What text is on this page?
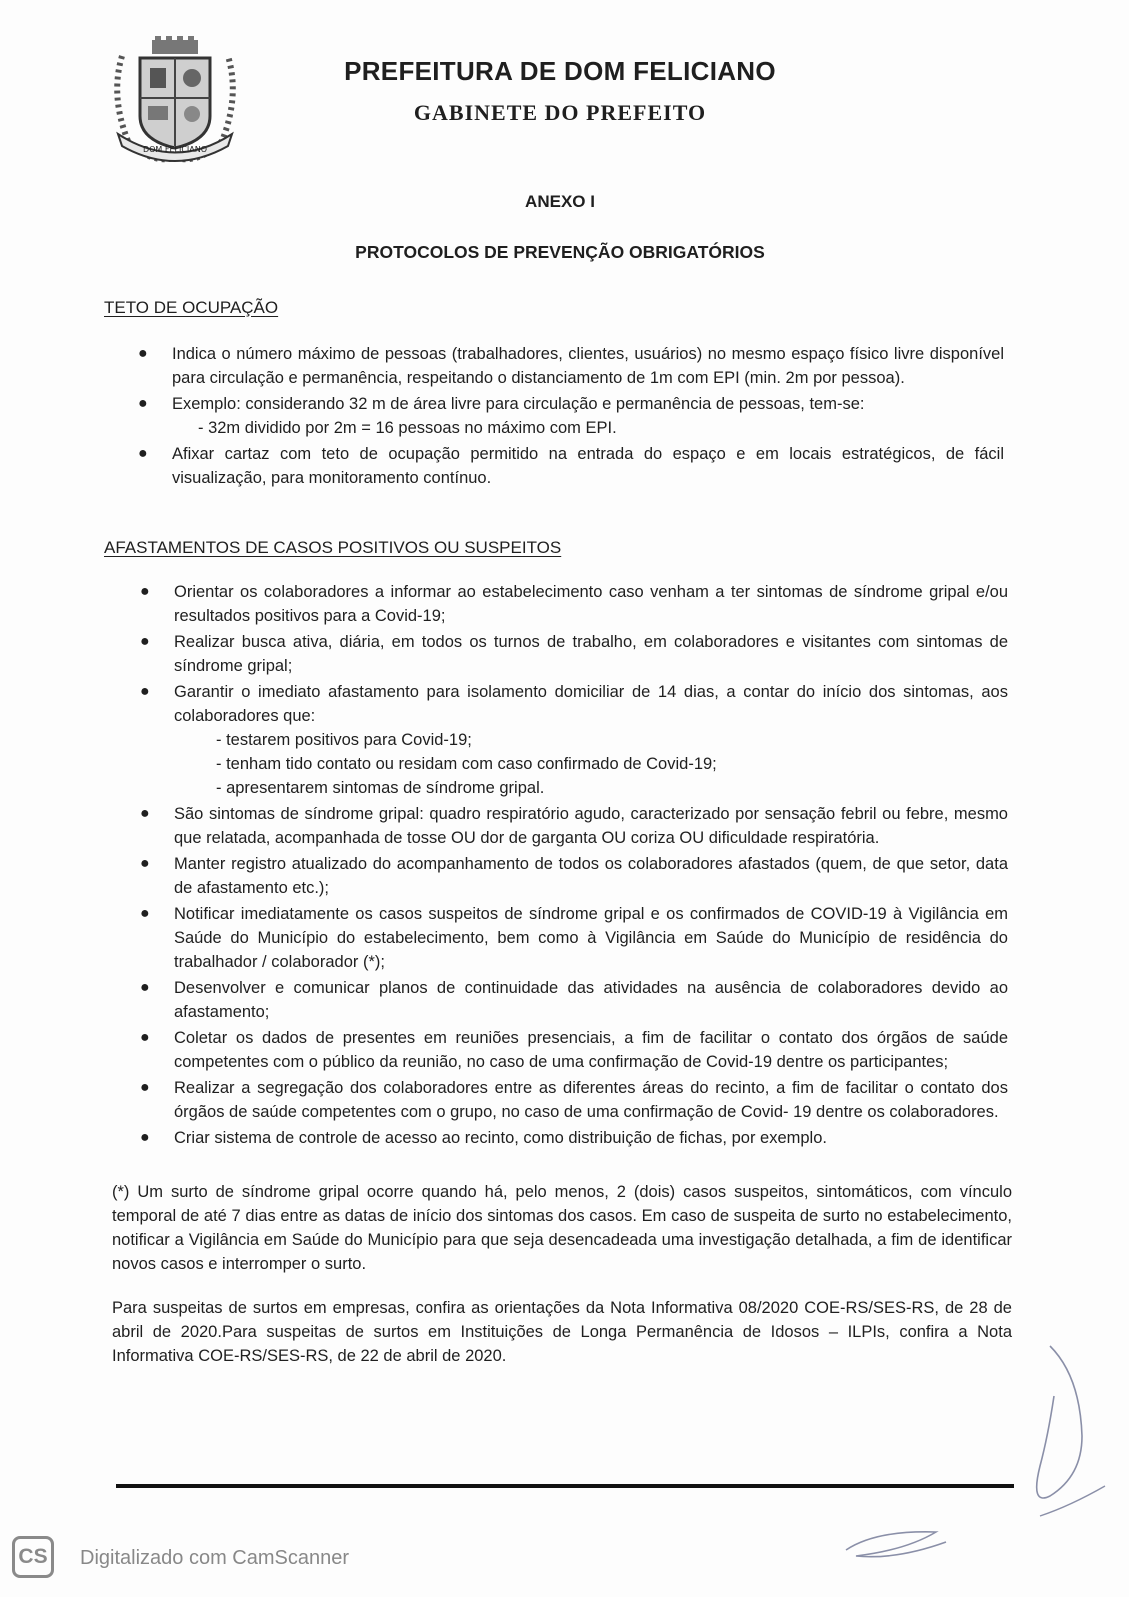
DOM FELICIANO
PREFEITURA DE DOM FELICIANO
GABINETE DO PREFEITO
ANEXO I
PROTOCOLOS DE PREVENÇÃO OBRIGATÓRIOS
TETO DE OCUPAÇÃO
● Indica o número máximo de pessoas (trabalhadores, clientes, usuários) no mesmo espaço físico livre disponível para circulação e permanência, respeitando o distanciamento de 1m com EPI (min. 2m por pessoa).
● Exemplo: considerando 32 m de área livre para circulação e permanência de pessoas, tem-se:
- 32m dividido por 2m = 16 pessoas no máximo com EPI.
● Afixar cartaz com teto de ocupação permitido na entrada do espaço e em locais estratégicos, de fácil visualização, para monitoramento contínuo.
AFASTAMENTOS DE CASOS POSITIVOS OU SUSPEITOS
● Orientar os colaboradores a informar ao estabelecimento caso venham a ter sintomas de síndrome gripal e/ou resultados positivos para a Covid-19;
● Realizar busca ativa, diária, em todos os turnos de trabalho, em colaboradores e visitantes com sintomas de síndrome gripal;
● Garantir o imediato afastamento para isolamento domiciliar de 14 dias, a contar do início dos sintomas, aos colaboradores que:
- testarem positivos para Covid-19;
- tenham tido contato ou residam com caso confirmado de Covid-19;
- apresentarem sintomas de síndrome gripal.
● São sintomas de síndrome gripal: quadro respiratório agudo, caracterizado por sensação febril ou febre, mesmo que relatada, acompanhada de tosse OU dor de garganta OU coriza OU dificuldade respiratória.
● Manter registro atualizado do acompanhamento de todos os colaboradores afastados (quem, de que setor, data de afastamento etc.);
● Notificar imediatamente os casos suspeitos de síndrome gripal e os confirmados de COVID-19 à Vigilância em Saúde do Município do estabelecimento, bem como à Vigilância em Saúde do Município de residência do trabalhador / colaborador (*);
● Desenvolver e comunicar planos de continuidade das atividades na ausência de colaboradores devido ao afastamento;
● Coletar os dados de presentes em reuniões presenciais, a fim de facilitar o contato dos órgãos de saúde competentes com o público da reunião, no caso de uma confirmação de Covid-19 dentre os participantes;
● Realizar a segregação dos colaboradores entre as diferentes áreas do recinto, a fim de facilitar o contato dos órgãos de saúde competentes com o grupo, no caso de uma confirmação de Covid- 19 dentre os colaboradores.
● Criar sistema de controle de acesso ao recinto, como distribuição de fichas, por exemplo.
(*) Um surto de síndrome gripal ocorre quando há, pelo menos, 2 (dois) casos suspeitos, sintomáticos, com vínculo temporal de até 7 dias entre as datas de início dos sintomas dos casos. Em caso de suspeita de surto no estabelecimento, notificar a Vigilância em Saúde do Município para que seja desencadeada uma investigação detalhada, a fim de identificar novos casos e interromper o surto.
Para suspeitas de surtos em empresas, confira as orientações da Nota Informativa 08/2020 COE-RS/SES-RS, de 28 de abril de 2020.Para suspeitas de surtos em Instituições de Longa Permanência de Idosos – ILPIs, confira a Nota Informativa COE-RS/SES-RS, de 22 de abril de 2020.
CS	Digitalizado com CamScanner
